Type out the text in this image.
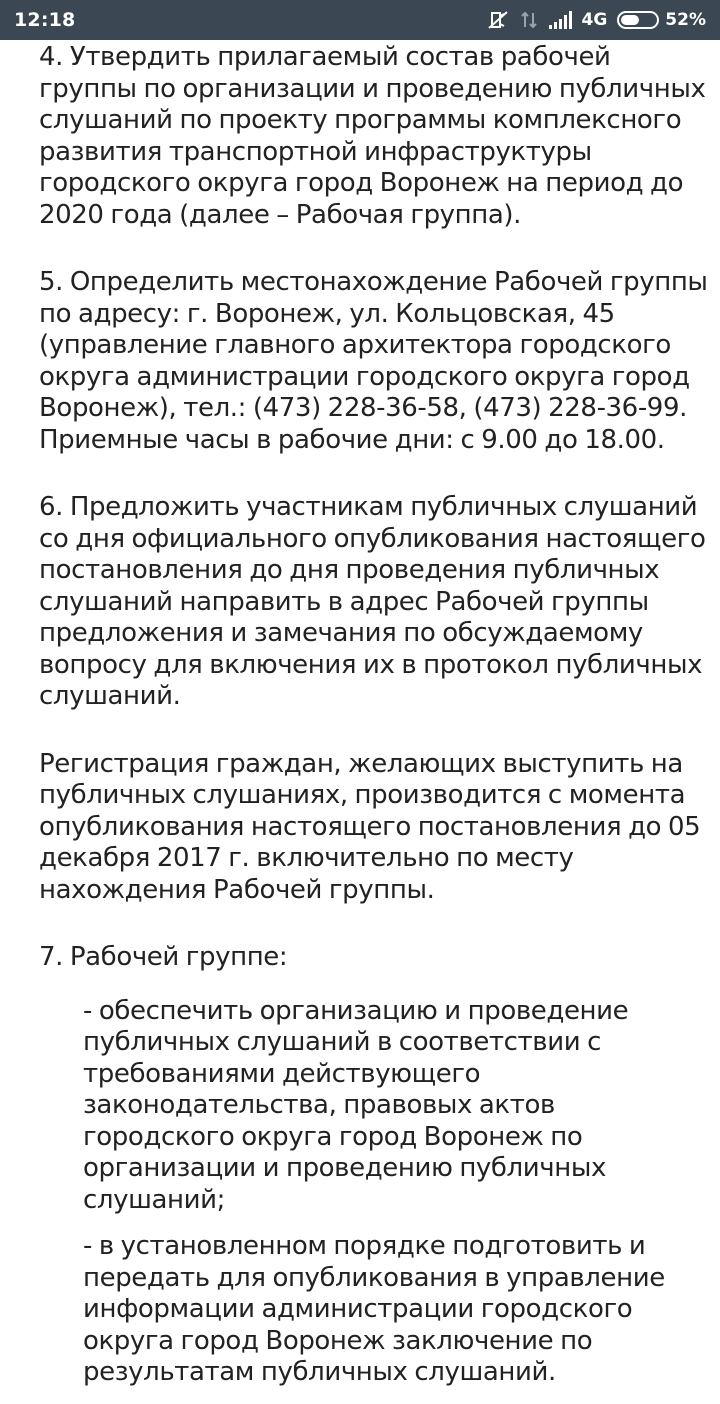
12:18	4G	52%

4. Утвердить прилагаемый состав рабочей группы по организации и проведению публичных слушаний по проекту программы комплексного развития транспортной инфраструктуры городского округа город Воронеж на период до 2020 года (далее – Рабочая группа).

5. Определить местонахождение Рабочей группы по адресу: г. Воронеж, ул. Кольцовская, 45 (управление главного архитектора городского округа администрации городского округа город Воронеж), тел.: (473) 228-36-58, (473) 228-36-99. Приемные часы в рабочие дни: с 9.00 до 18.00.

6. Предложить участникам публичных слушаний со дня официального опубликования настоящего постановления до дня проведения публичных слушаний направить в адрес Рабочей группы предложения и замечания по обсуждаемому вопросу для включения их в протокол публичных слушаний.

Регистрация граждан, желающих выступить на публичных слушаниях, производится с момента опубликования настоящего постановления до 05 декабря 2017 г. включительно по месту нахождения Рабочей группы.

7. Рабочей группе:

- обеспечить организацию и проведение публичных слушаний в соответствии с требованиями действующего законодательства, правовых актов городского округа город Воронеж по организации и проведению публичных слушаний;

- в установленном порядке подготовить и передать для опубликования в управление информации администрации городского округа город Воронеж заключение по результатам публичных слушаний.
